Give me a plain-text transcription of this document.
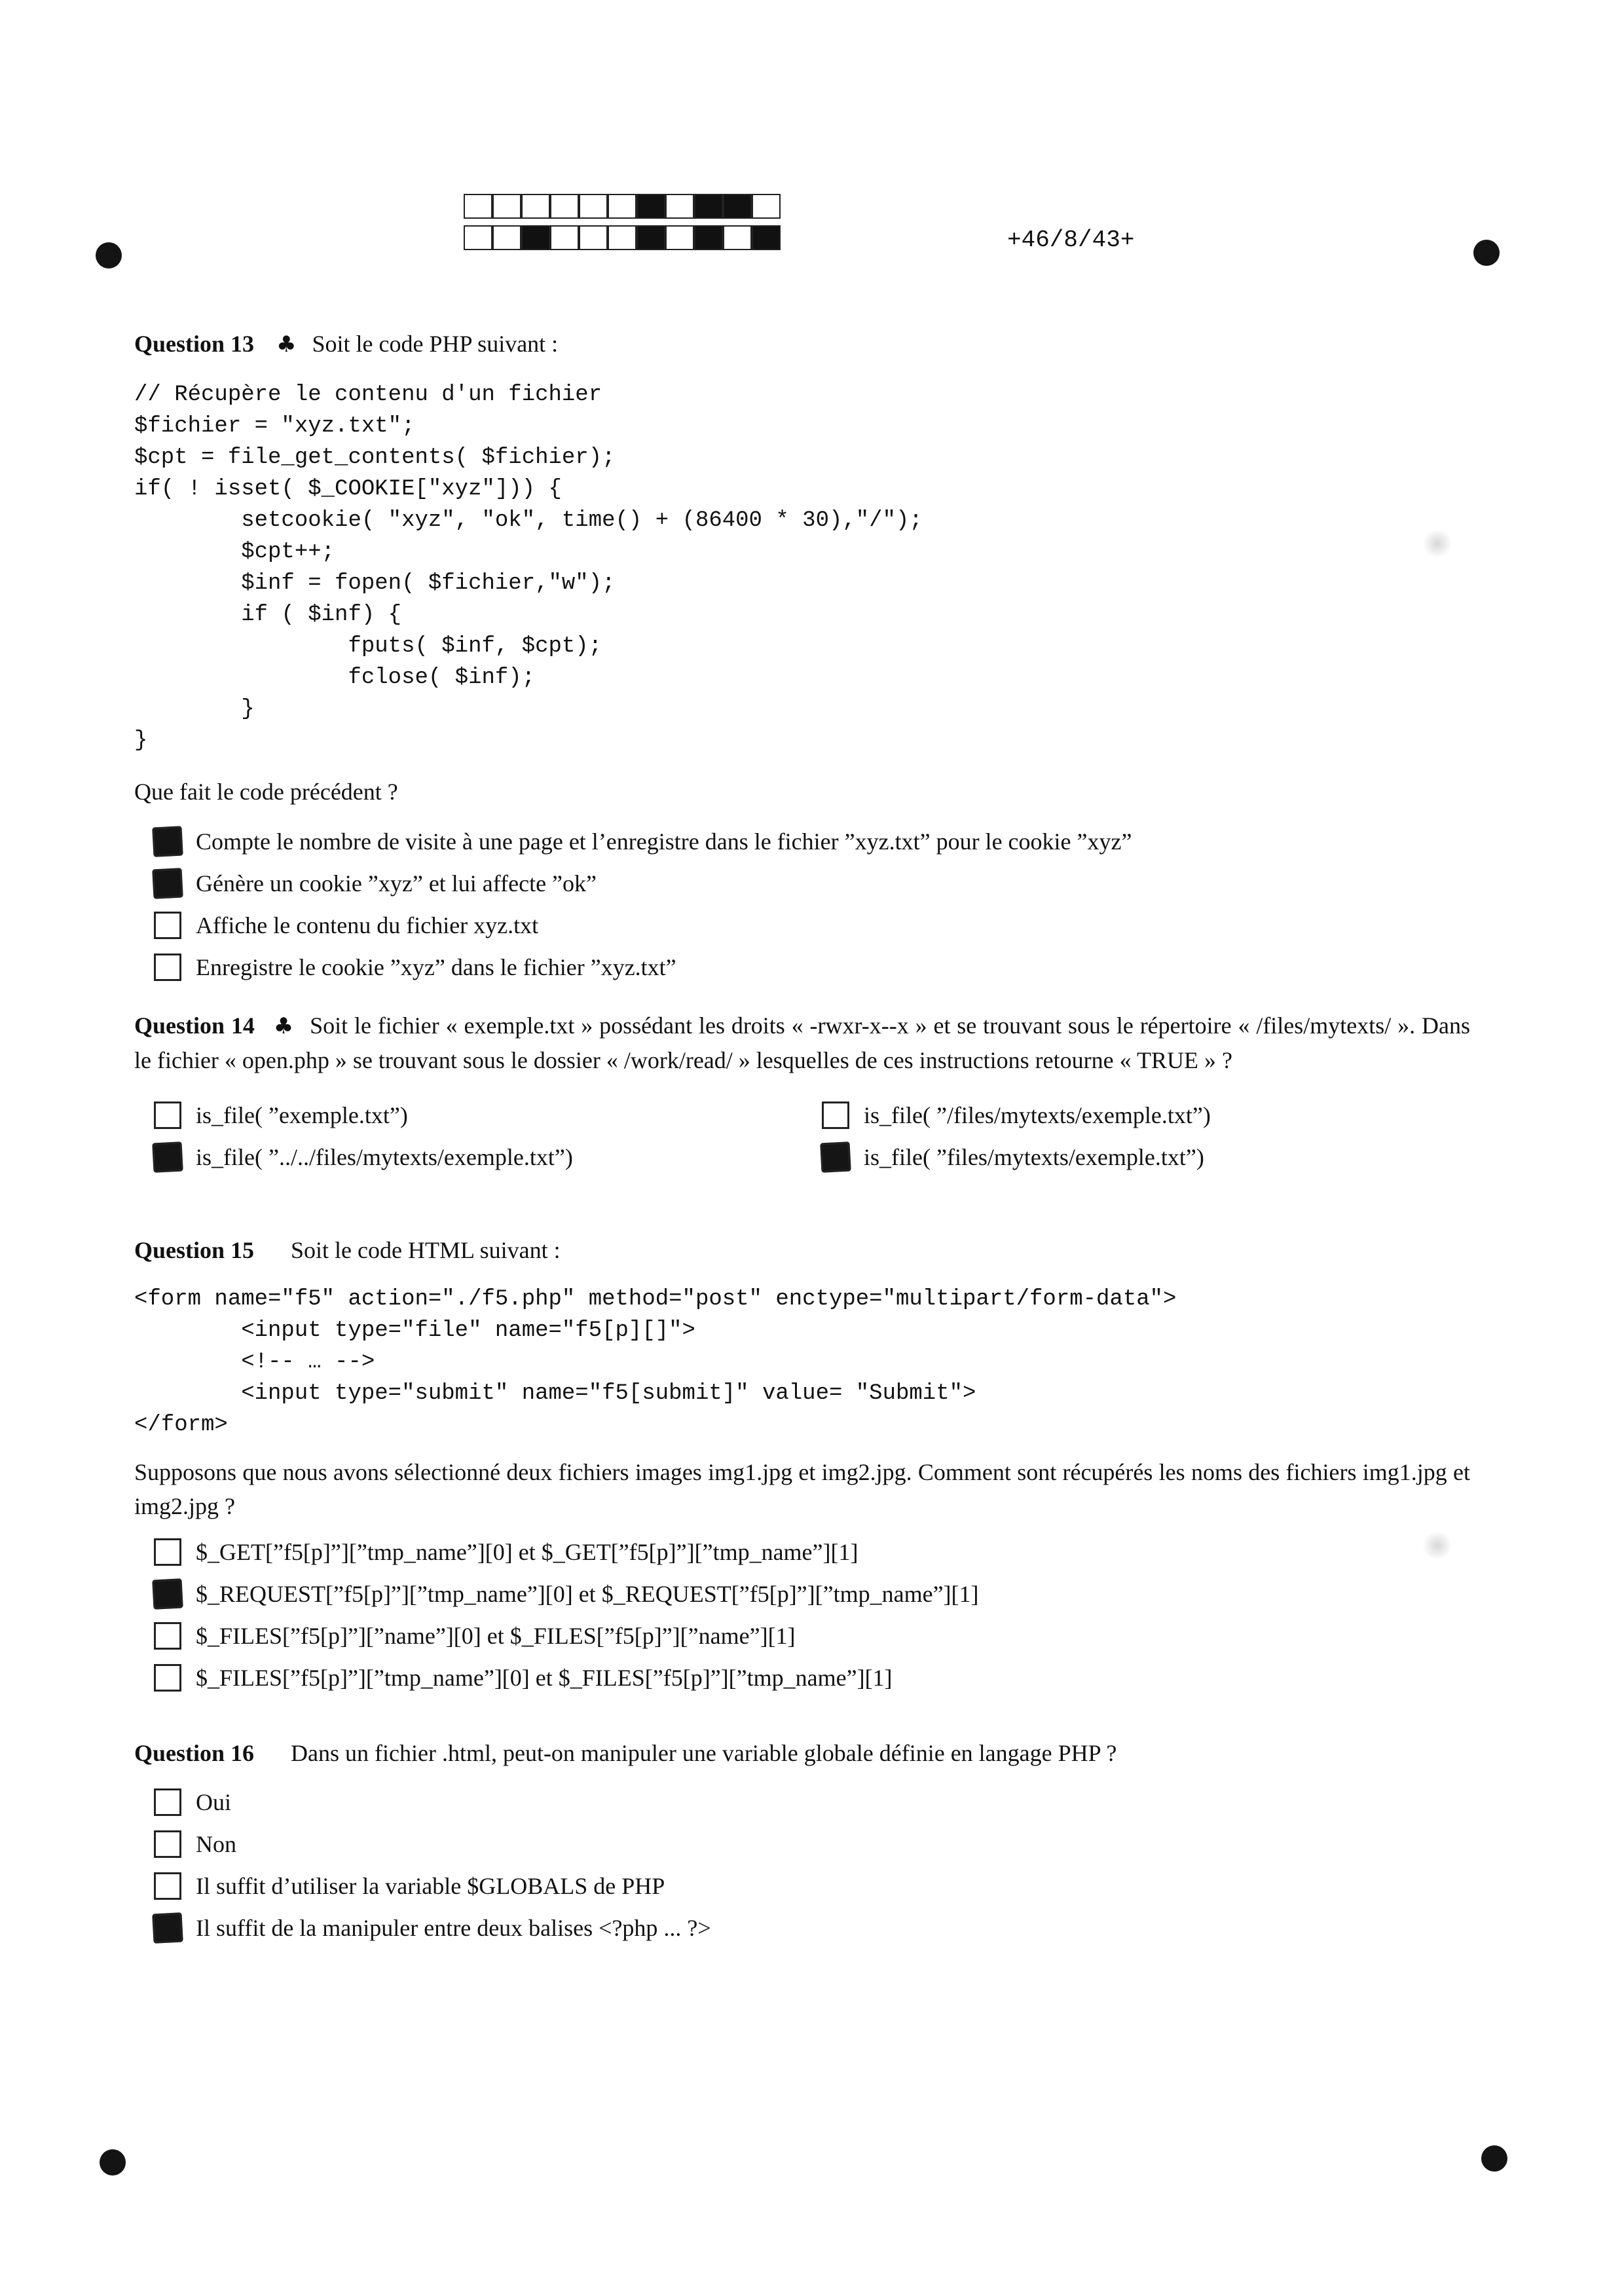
+46/8/43+
Question 13 ♣ Soit le code PHP suivant :
// Récupère le contenu d'un fichier
$fichier = "xyz.txt";
$cpt = file_get_contents( $fichier);
if( ! isset( $_COOKIE["xyz"])) {
setcookie( "xyz", "ok", time() + (86400 * 30),"/");
$cpt++;
$inf = fopen( $fichier,"w");
if ( $inf) {
fputs( $inf, $cpt);
fclose( $inf);
}
}
Que fait le code précédent ?
Compte le nombre de visite à une page et l’enregistre dans le fichier ”xyz.txt” pour le cookie ”xyz”
Génère un cookie ”xyz” et lui affecte ”ok”
Affiche le contenu du fichier xyz.txt
Enregistre le cookie ”xyz” dans le fichier ”xyz.txt”
Question 14 ♣ Soit le fichier « exemple.txt » possédant les droits « -rwxr-x--x » et se trouvant sous le répertoire « /files/mytexts/ ». Dans le fichier « open.php » se trouvant sous le dossier « /work/read/ » lesquelles de ces instructions retourne « TRUE » ?
is_file( ”exemple.txt”)
is_file( ”../../files/mytexts/exemple.txt”)
is_file( ”/files/mytexts/exemple.txt”)
is_file( ”files/mytexts/exemple.txt”)
Question 15 Soit le code HTML suivant :
<form name="f5" action="./f5.php" method="post" enctype="multipart/form-data">
<input type="file" name="f5[p][]">
<!-- … -->
<input type="submit" name="f5[submit]" value= "Submit">
</form>
Supposons que nous avons sélectionné deux fichiers images img1.jpg et img2.jpg. Comment sont récupérés les noms des fichiers img1.jpg et img2.jpg ?
$_GET[”f5[p]”][”tmp_name”][0] et $_GET[”f5[p]”][”tmp_name”][1]
$_REQUEST[”f5[p]”][”tmp_name”][0] et $_REQUEST[”f5[p]”][”tmp_name”][1]
$_FILES[”f5[p]”][”name”][0] et $_FILES[”f5[p]”][”name”][1]
$_FILES[”f5[p]”][”tmp_name”][0] et $_FILES[”f5[p]”][”tmp_name”][1]
Question 16 Dans un fichier .html, peut-on manipuler une variable globale définie en langage PHP ?
Oui
Non
Il suffit d’utiliser la variable $GLOBALS de PHP
Il suffit de la manipuler entre deux balises <?php ... ?>
